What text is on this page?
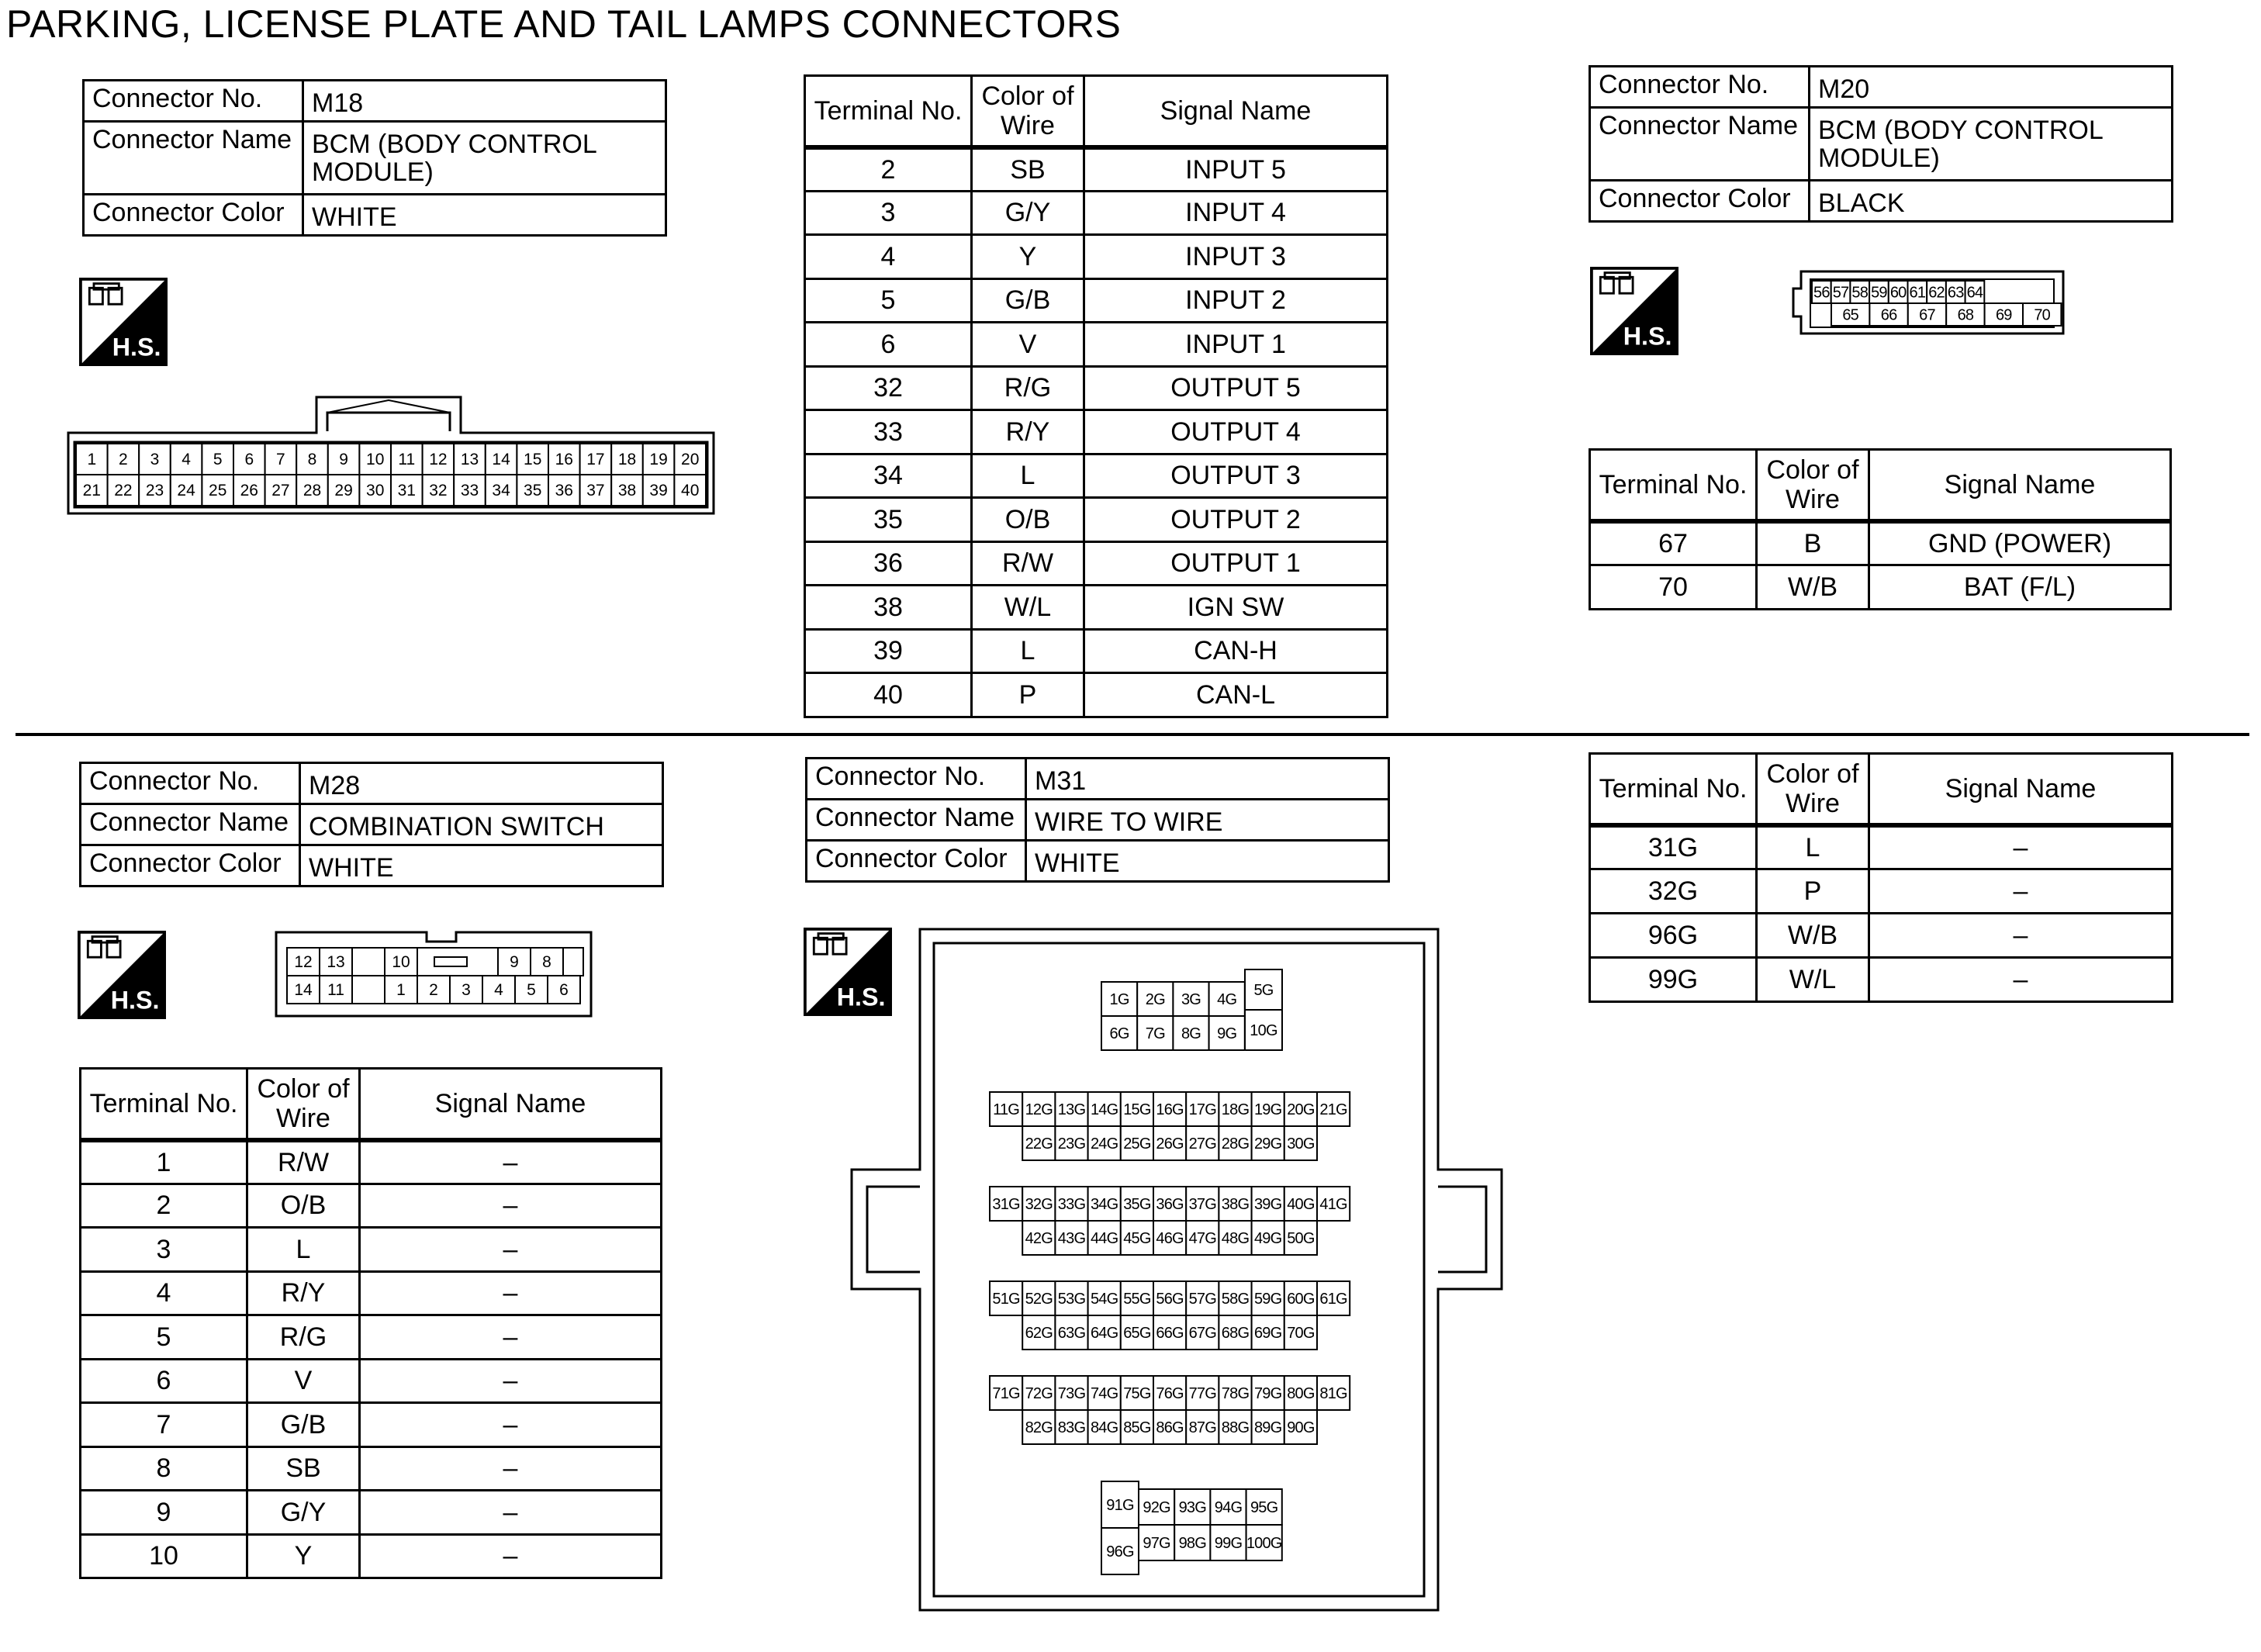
PARKING, LICENSE PLATE AND TAIL LAMPS CONNECTORS
Connector No.	M18
Connector Name	BCM (BODY CONTROL MODULE)
Connector Color	WHITE
H.S.	H.S.
H.S.	H.S.
1 2 3 4 5 6 7 8 9 10 11 12 13 14 15 16 17 18 19 20
21 22 23 24 25 26 27 28 29 30 31 32 33 34 35 36 37 38 39 40
Terminal No.	Color of Wire	Signal Name
2	SB	INPUT 5
3	G/Y	INPUT 4
4	Y	INPUT 3
5	G/B	INPUT 2
6	V	INPUT 1
32	R/G	OUTPUT 5
33	R/Y	OUTPUT 4
34	L	OUTPUT 3
35	O/B	OUTPUT 2
36	R/W	OUTPUT 1
38	W/L	IGN SW
39	L	CAN-H
40	P	CAN-L
Connector No.	M20
Connector Name	BCM (BODY CONTROL MODULE)
Connector Color	BLACK
56 57 58 59 60 61 62 63 64
65 66 67 68 69 70
Terminal No.	Color of Wire	Signal Name
67	B	GND (POWER)
70	W/B	BAT (F/L)
Connector No.	M28
Connector Name	COMBINATION SWITCH
Connector Color	WHITE
12 13	10	9 8
14 11	1 2 3 4 5 6
Terminal No.	Color of Wire	Signal Name
1	R/W	–
2	O/B	–
3	L	–
4	R/Y	–
5	R/G	–
6	V	–
7	G/B	–
8	SB	–
9	G/Y	–
10	Y	–
Connector No.	M31
Connector Name	WIRE TO WIRE
Connector Color	WHITE
1G 2G 3G 4G
6G 7G 8G 9G
5G
10G
11G 12G 13G 14G 15G 16G 17G 18G 19G 20G 21G
22G 23G 24G 25G 26G 27G 28G 29G 30G
31G 32G 33G 34G 35G 36G 37G 38G 39G 40G 41G
42G 43G 44G 45G 46G 47G 48G 49G 50G
51G 52G 53G 54G 55G 56G 57G 58G 59G 60G 61G
62G 63G 64G 65G 66G 67G 68G 69G 70G
71G 72G 73G 74G 75G 76G 77G 78G 79G 80G 81G
82G 83G 84G 85G 86G 87G 88G 89G 90G
91G
96G
92G 93G 94G 95G
97G 98G 99G 100G
Terminal No.	Color of Wire	Signal Name
31G	L	–
32G	P	–
96G	W/B	–
99G	W/L	–
